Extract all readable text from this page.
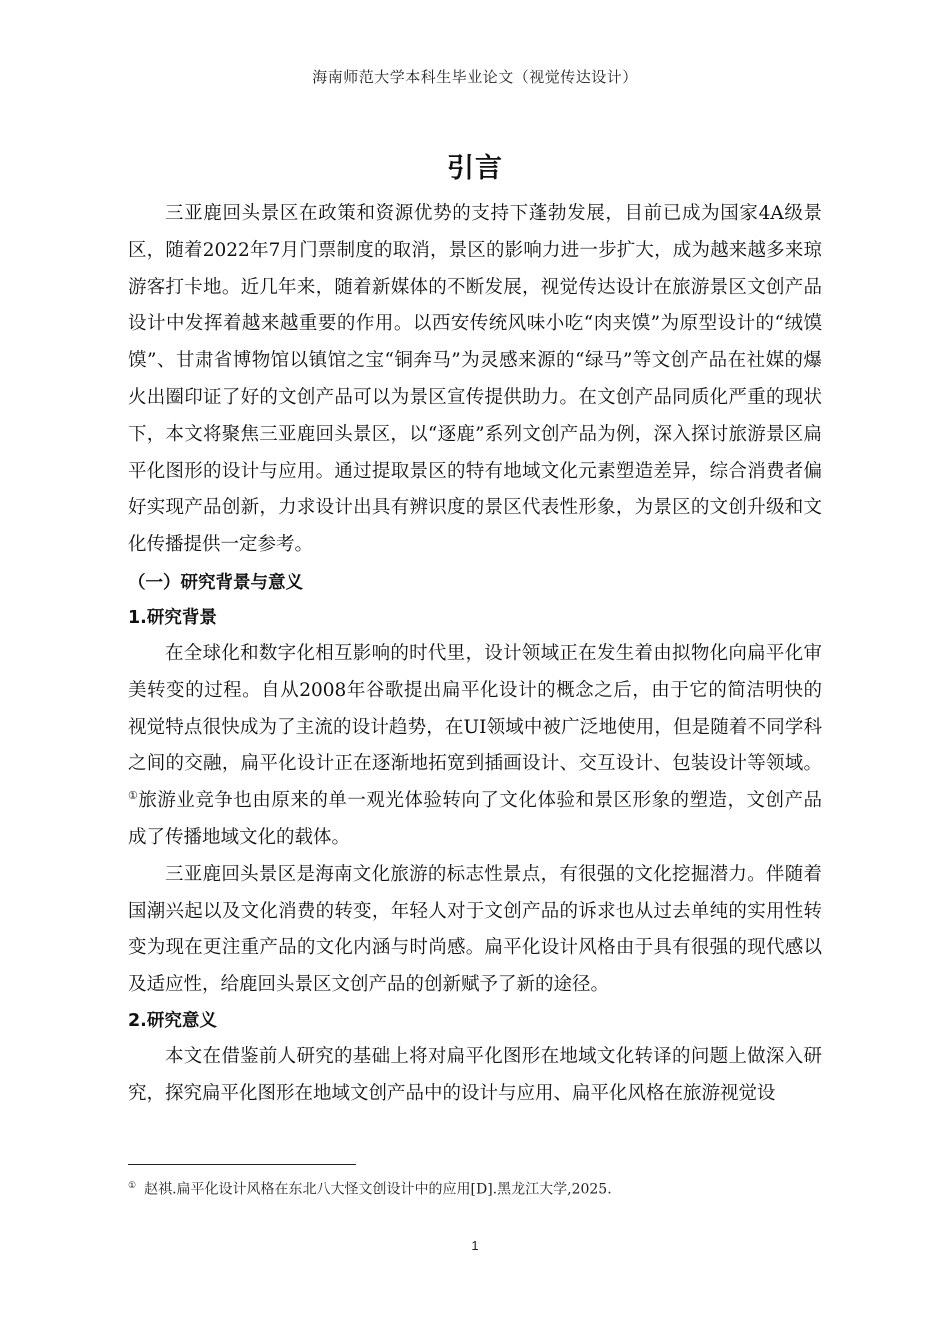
海南师范大学本科生毕业论文（视觉传达设计）
引言

三亚鹿回头景区在政策和资源优势的支持下蓬勃发展，目前已成为国家4A级景区，随着2022年7月门票制度的取消，景区的影响力进一步扩大，成为越来越多来琼游客打卡地。近几年来，随着新媒体的不断发展，视觉传达设计在旅游景区文创产品设计中发挥着越来越重要的作用。以西安传统风味小吃“肉夹馍”为原型设计的“绒馍馍”、甘肃省博物馆以镇馆之宝“铜奔马”为灵感来源的“绿马”等文创产品在社媒的爆火出圈印证了好的文创产品可以为景区宣传提供助力。在文创产品同质化严重的现状下，本文将聚焦三亚鹿回头景区，以“逐鹿”系列文创产品为例，深入探讨旅游景区扁平化图形的设计与应用。通过提取景区的特有地域文化元素塑造差异，综合消费者偏好实现产品创新，力求设计出具有辨识度的景区代表性形象，为景区的文创升级和文化传播提供一定参考。

（一）研究背景与意义

1.研究背景

在全球化和数字化相互影响的时代里，设计领域正在发生着由拟物化向扁平化审美转变的过程。自从2008年谷歌提出扁平化设计的概念之后，由于它的简洁明快的视觉特点很快成为了主流的设计趋势，在UI领域中被广泛地使用，但是随着不同学科之间的交融，扁平化设计正在逐渐地拓宽到插画设计、交互设计、包装设计等领域。①旅游业竞争也由原来的单一观光体验转向了文化体验和景区形象的塑造，文创产品成了传播地域文化的载体。

三亚鹿回头景区是海南文化旅游的标志性景点，有很强的文化挖掘潜力。伴随着国潮兴起以及文化消费的转变，年轻人对于文创产品的诉求也从过去单纯的实用性转变为现在更注重产品的文化内涵与时尚感。扁平化设计风格由于具有很强的现代感以及适应性，给鹿回头景区文创产品的创新赋予了新的途径。

2.研究意义

本文在借鉴前人研究的基础上将对扁平化图形在地域文化转译的问题上做深入研究，探究扁平化图形在地域文创产品中的设计与应用、扁平化风格在旅游视觉设

① 赵祺.扁平化设计风格在东北八大怪文创设计中的应用[D].黑龙江大学,2025.
1
